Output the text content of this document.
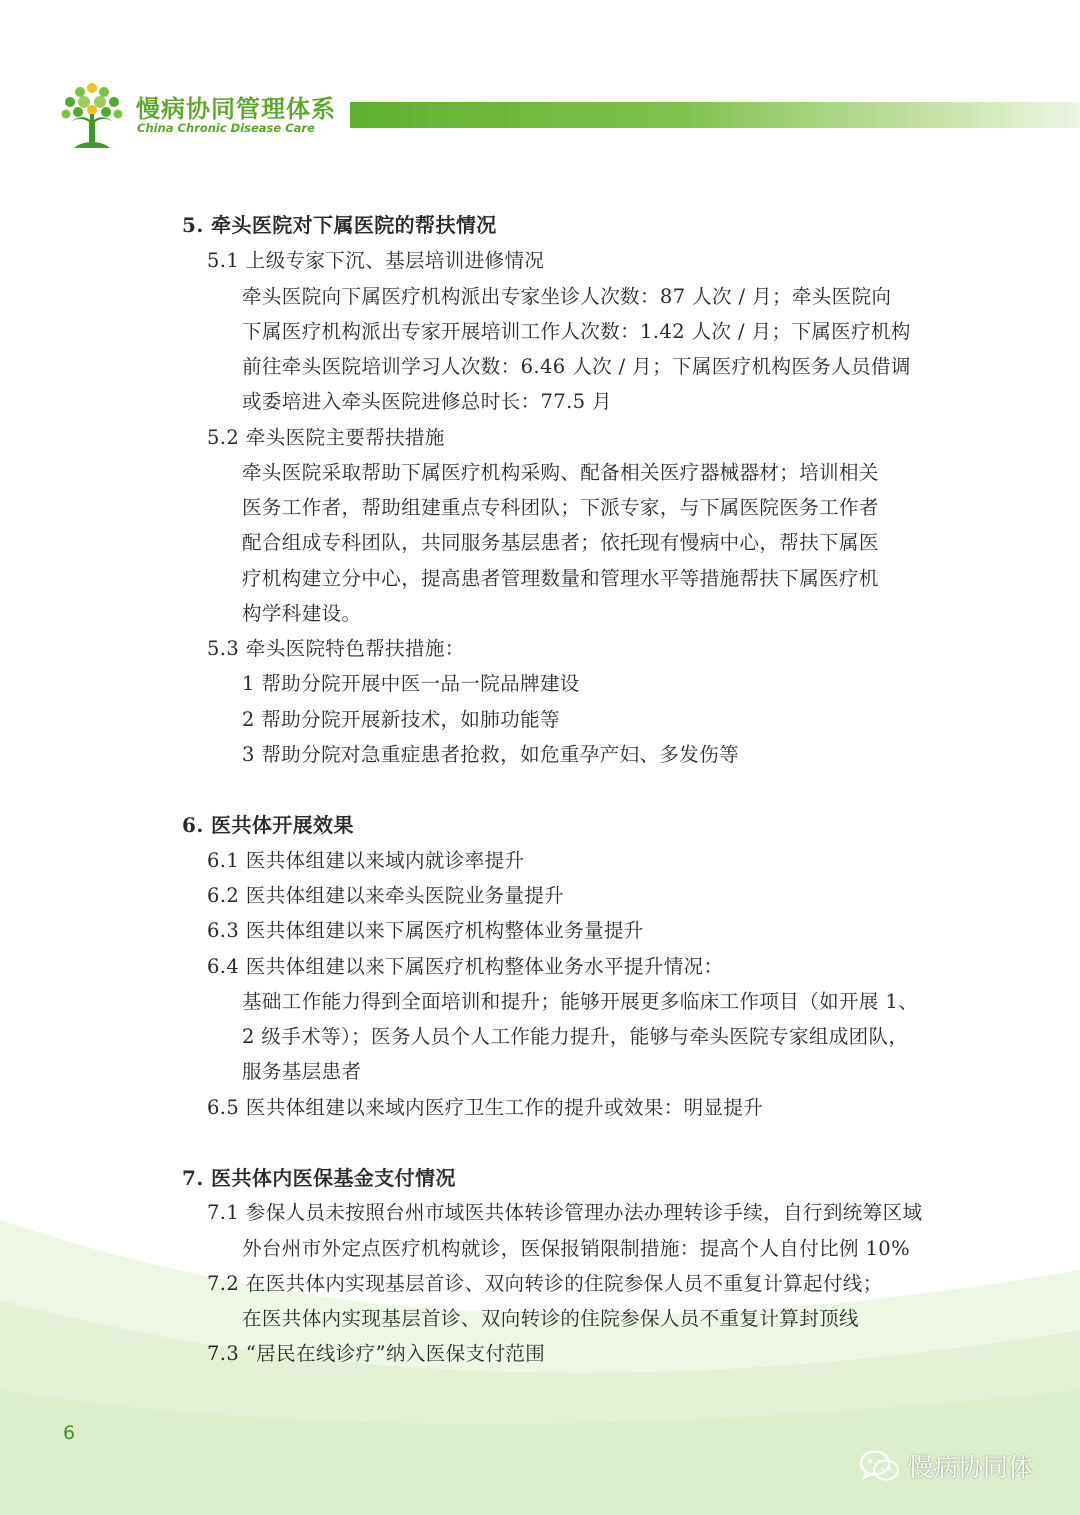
慢病协同管理体系
China Chronic Disease Care
5. 牵头医院对下属医院的帮扶情况
5.1 上级专家下沉、基层培训进修情况
牵头医院向下属医疗机构派出专家坐诊人次数：87 人次 / 月；牵头医院向
下属医疗机构派出专家开展培训工作人次数：1.42 人次 / 月；下属医疗机构
前往牵头医院培训学习人次数：6.46 人次 / 月；下属医疗机构医务人员借调
或委培进入牵头医院进修总时长：77.5 月
5.2 牵头医院主要帮扶措施
牵头医院采取帮助下属医疗机构采购、配备相关医疗器械器材；培训相关
医务工作者，帮助组建重点专科团队；下派专家，与下属医院医务工作者
配合组成专科团队，共同服务基层患者；依托现有慢病中心，帮扶下属医
疗机构建立分中心，提高患者管理数量和管理水平等措施帮扶下属医疗机
构学科建设。
5.3 牵头医院特色帮扶措施：
1 帮助分院开展中医一品一院品牌建设
2 帮助分院开展新技术，如肺功能等
3 帮助分院对急重症患者抢救，如危重孕产妇、多发伤等
6. 医共体开展效果
6.1 医共体组建以来域内就诊率提升
6.2 医共体组建以来牵头医院业务量提升
6.3 医共体组建以来下属医疗机构整体业务量提升
6.4 医共体组建以来下属医疗机构整体业务水平提升情况：
基础工作能力得到全面培训和提升；能够开展更多临床工作项目（如开展 1、
2 级手术等）；医务人员个人工作能力提升，能够与牵头医院专家组成团队，
服务基层患者
6.5 医共体组建以来域内医疗卫生工作的提升或效果：明显提升
7. 医共体内医保基金支付情况
7.1 参保人员未按照台州市域医共体转诊管理办法办理转诊手续，自行到统筹区域
外台州市外定点医疗机构就诊，医保报销限制措施：提高个人自付比例 10%
7.2 在医共体内实现基层首诊、双向转诊的住院参保人员不重复计算起付线；
在医共体内实现基层首诊、双向转诊的住院参保人员不重复计算封顶线
7.3 “居民在线诊疗”纳入医保支付范围
6
慢病协同体
